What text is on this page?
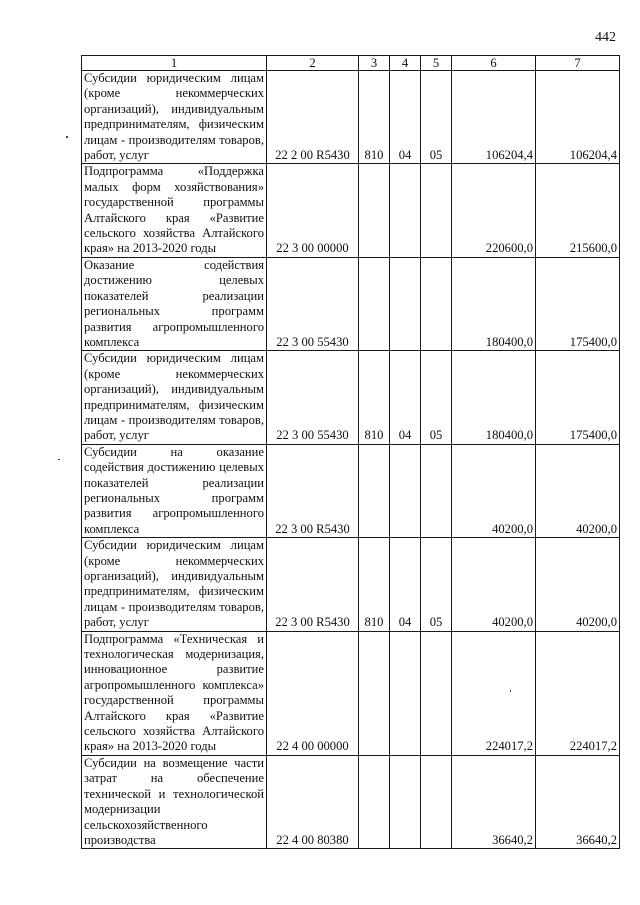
442
1	2	3	4	5	6	7
Субсидии юридическим лицам (кроме некоммерческих организаций), индивидуальным предпринимателям, физическим лицам - производителям товаров, работ, услуг	22 2 00 R5430	810	04	05	106204,4	106204,4
Подпрограмма «Поддержка малых форм хозяйствования» государственной программы Алтайского края «Развитие сельского хозяйства Алтайского края» на 2013-2020 годы	22 3 00 00000				220600,0	215600,0
Оказание содействия достижению целевых показателей реализации региональных программ развития агропромышленного комплекса	22 3 00 55430				180400,0	175400,0
Субсидии юридическим лицам (кроме некоммерческих организаций), индивидуальным предпринимателям, физическим лицам - производителям товаров, работ, услуг	22 3 00 55430	810	04	05	180400,0	175400,0
Субсидии на оказание содействия достижению целевых показателей реализации региональных программ развития агропромышленного комплекса	22 3 00 R5430				40200,0	40200,0
Субсидии юридическим лицам (кроме некоммерческих организаций), индивидуальным предпринимателям, физическим лицам - производителям товаров, работ, услуг	22 3 00 R5430	810	04	05	40200,0	40200,0
Подпрограмма «Техническая и технологическая модернизация, инновационное развитие агропромышленного комплекса» государственной программы Алтайского края «Развитие сельского хозяйства Алтайского края» на 2013-2020 годы	22 4 00 00000				224017,2	224017,2
Субсидии на возмещение части затрат на обеспечение технической и технологической модернизации сельскохозяйственного производства	22 4 00 80380				36640,2	36640,2
